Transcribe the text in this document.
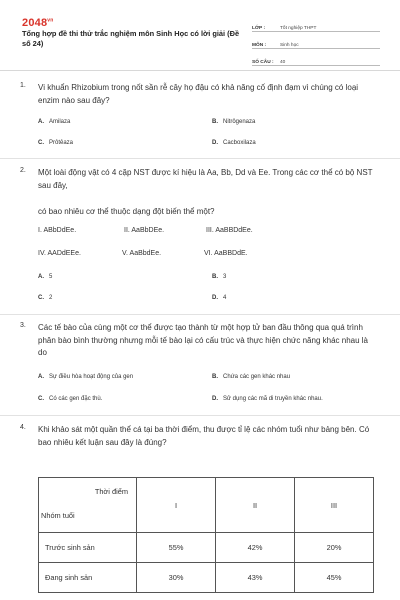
$2048^{vn}$
Tổng hợp đề thi thử trắc nghiệm môn Sinh Học có lời giải (Đề số 24)
LỚP :	Tốt nghiệp THPT
MÔN :	Sinh học
SỐ CÂU :	40
1. Vi khuẩn Rhizobium trong nốt sần rễ cây họ đậu có khả năng cố định đạm vì chúng có loại enzim nào sau đây?
A. Amilaza	B. Nitrôgenaza
C. Prôtêaza	D. Cacboxilaza
2. Một loài động vật có 4 cặp NST được kí hiệu là Aa, Bb, Dd và Ee. Trong các cơ thể có bộ NST sau đây,
có bao nhiêu cơ thể thuộc dạng đột biến thể một?
I. ABbDdEe.	II. AaBbDEe.	III. AaBBDdEe.
IV. AADdEEe.	V. AaBbdEe.	VI. AaBBDdE.
A. 5	B. 3
C. 2	D. 4
3. Các tế bào của cùng một cơ thể được tạo thành từ một hợp tử ban đầu thông qua quá trình phân bào bình thường nhưng mỗi tế bào lại có cấu trúc và thực hiện chức năng khác nhau là do
A. Sự điều hòa hoạt động của gen	B. Chứa các gen khác nhau
C. Có các gen đặc thù.	D. Sử dụng các mã di truyền khác nhau.
4. Khi khảo sát một quần thể cá tại ba thời điểm, thu được tỉ lệ các nhóm tuổi như bảng bên. Có bao nhiêu kết luận sau đây là đúng?
Thời điểm
Nhóm tuổi	I	II	III
Trước sinh sản	55%	42%	20%
Đang sinh sản	30%	43%	45%
